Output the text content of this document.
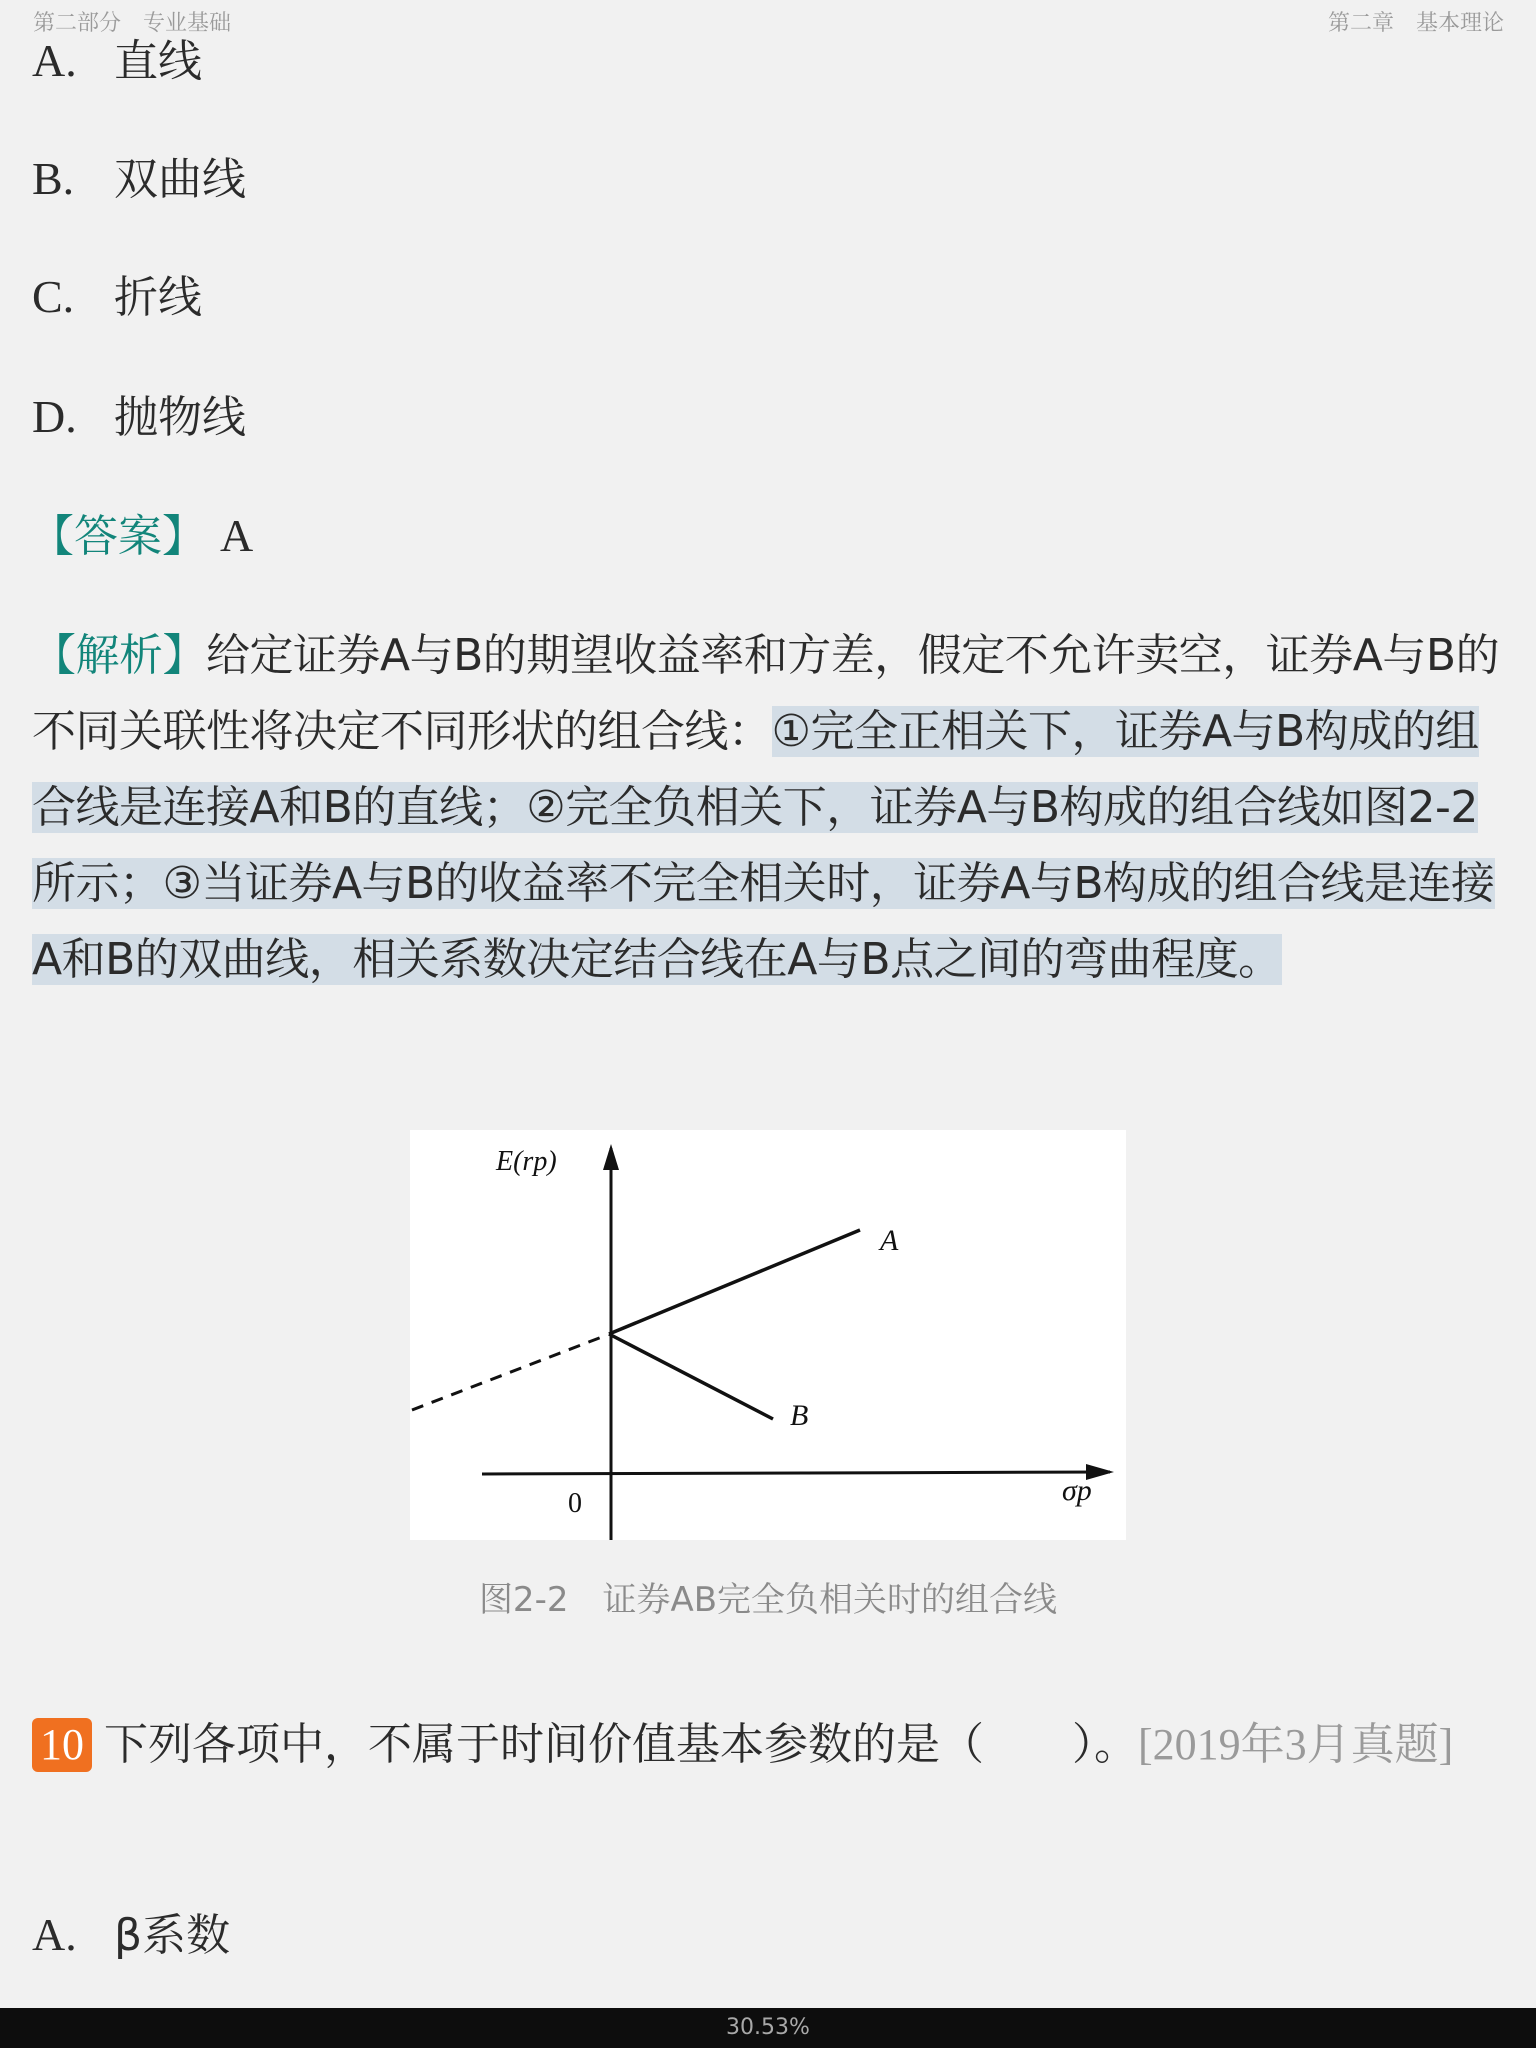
第二部分　专业基础	第二章　基本理论
A. 直线
B. 双曲线
C. 折线
D. 抛物线
【答案】 A
【解析】给定证券A与B的期望收益率和方差，假定不允许卖空，证券A与B的不同关联性将决定不同形状的组合线：①完全正相关下，证券A与B构成的组合线是连接A和B的直线；②完全负相关下，证券A与B构成的组合线如图2-2所示；③当证券A与B的收益率不完全相关时，证券A与B构成的组合线是连接A和B的双曲线，相关系数决定结合线在A与B点之间的弯曲程度。
E(rp)
A
B
0	σp
图2-2　证券AB完全负相关时的组合线
10 下列各项中，不属于时间价值基本参数的是（　　）。[2019年3月真题]
A. β系数
30.53%
